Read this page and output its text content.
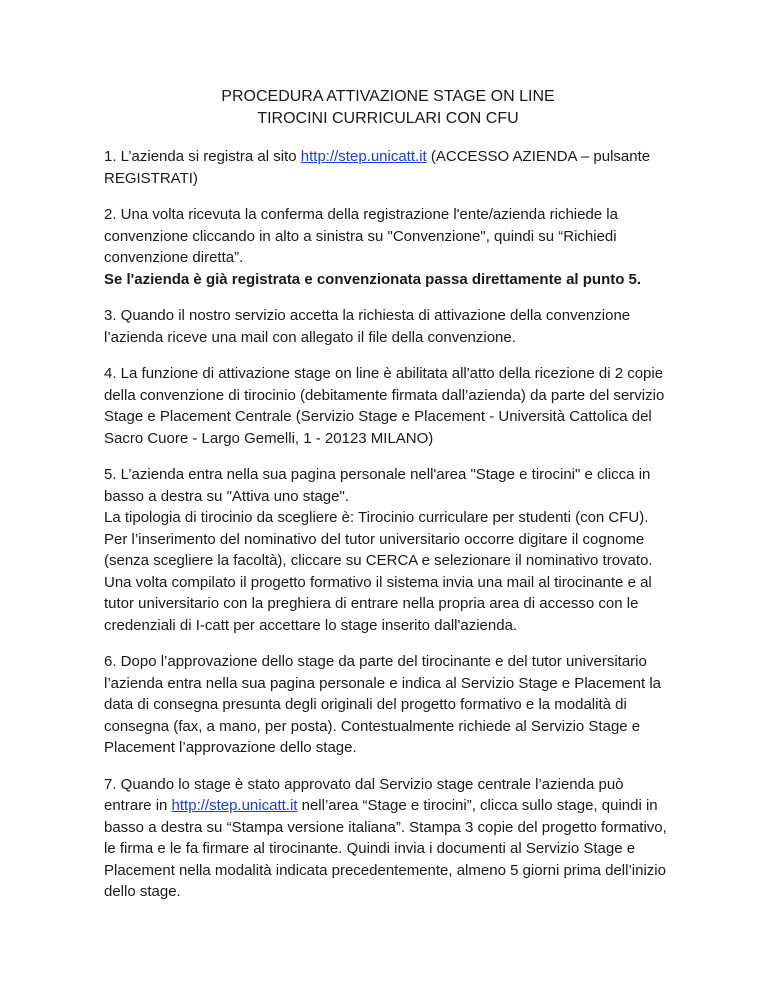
PROCEDURA ATTIVAZIONE STAGE ON LINE

TIROCINI CURRICULARI CON CFU

1. L’azienda si registra al sito http://step.unicatt.it (ACCESSO AZIENDA – pulsante REGISTRATI)

2. Una volta ricevuta la conferma della registrazione l'ente/azienda richiede la convenzione cliccando in alto a sinistra su "Convenzione", quindi su “Richiedi convenzione diretta”.

Se l'azienda è già registrata e convenzionata passa direttamente al punto 5.

3. Quando il nostro servizio accetta la richiesta di attivazione della convenzione l’azienda riceve una mail con allegato il file della convenzione.

4. La funzione di attivazione stage on line è abilitata all'atto della ricezione di 2 copie della convenzione di tirocinio (debitamente firmata dall’azienda) da parte del servizio Stage e Placement Centrale (Servizio Stage e Placement - Università Cattolica del Sacro Cuore - Largo Gemelli, 1 - 20123 MILANO)

5. L’azienda entra nella sua pagina personale nell'area "Stage e tirocini" e clicca in basso a destra su "Attiva uno stage".

La tipologia di tirocinio da scegliere è: Tirocinio curriculare per studenti (con CFU).

Per l’inserimento del nominativo del tutor universitario occorre digitare il cognome (senza scegliere la facoltà), cliccare su CERCA e selezionare il nominativo trovato.

Una volta compilato il progetto formativo il sistema invia una mail al tirocinante e al tutor universitario con la preghiera di entrare nella propria area di accesso con le credenziali di I-catt per accettare lo stage inserito dall'azienda.

6. Dopo l’approvazione dello stage da parte del tirocinante e del tutor universitario l’azienda entra nella sua pagina personale e indica al Servizio Stage e Placement la data di consegna presunta degli originali del progetto formativo e la modalità di consegna (fax, a mano, per posta). Contestualmente richiede al Servizio Stage e Placement l’approvazione dello stage.

7. Quando lo stage è stato approvato dal Servizio stage centrale l’azienda può entrare in http://step.unicatt.it nell’area “Stage e tirocini”, clicca sullo stage, quindi in basso a destra su “Stampa versione italiana”. Stampa 3 copie del progetto formativo, le firma e le fa firmare al tirocinante. Quindi invia i documenti al Servizio Stage e Placement nella modalità indicata precedentemente, almeno 5 giorni prima dell’inizio dello stage.
